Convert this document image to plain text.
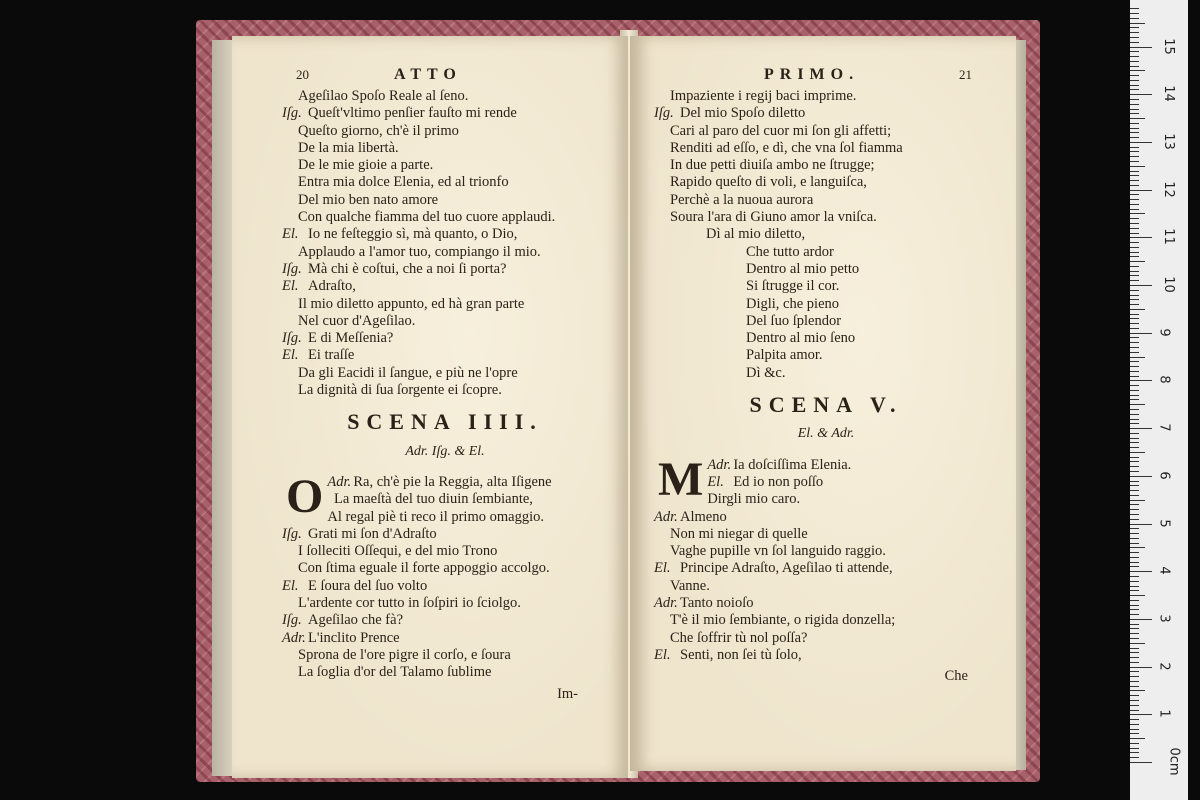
20	ATTO
Ageſilao Spoſo Reale al ſeno.
Iſg. Queſt'vltimo penſier fauſto mi rende
Queſto giorno, ch'è il primo
De la mia libertà.
De le mie gioie a parte.
Entra mia dolce Elenia, ed al trionfo
Del mio ben nato amore
Con qualche fiamma del tuo cuore applaudi.
El. Io ne feſteggio sì, mà quanto, o Dio,
Applaudo a l'amor tuo, compiango il mio.
Iſg. Mà chi è coſtui, che a noi ſi porta?
El. Adraſto,
Il mio diletto appunto, ed hà gran parte
Nel cuor d'Ageſilao.
Iſg. E di Meſſenia?
El. Ei traſſe
Da gli Eacidi il ſangue, e più ne l'opre
La dignità di ſua ſorgente ei ſcopre.
SCENA IIII.
Adr. Iſg. & El.
Adr.
O Ra, ch'è pie la Reggia, alta Iſigene
La maeſtà del tuo diuin ſembiante,
Al regal piè ti reco il primo omaggio.
Iſg. Grati mi ſon d'Adraſto
I ſolleciti Oſſequi, e del mio Trono
Con ſtima eguale il forte appoggio accolgo.
El. E ſoura del ſuo volto
L'ardente cor tutto in ſoſpiri io ſciolgo.
Iſg. Ageſilao che fà?
Adr. L'inclito Prence
Sprona de l'ore pigre il corſo, e ſoura
La ſoglia d'or del Talamo ſublime
Im-
PRIMO.	21
Impaziente i regij baci imprime.
Iſg. Del mio Spoſo diletto
Cari al paro del cuor mi ſon gli affetti;
Renditi ad eſſo, e dì, che vna ſol fiamma
In due petti diuiſa ambo ne ſtrugge;
Rapido queſto di voli, e languiſca,
Perchè a la nuoua aurora
Soura l'ara di Giuno amor la vniſca.
Dì al mio diletto,
Che tutto ardor
Dentro al mio petto
Si ſtrugge il cor.
Digli, che pieno
Del ſuo ſplendor
Dentro al mio ſeno
Palpita amor.
Dì &c.
SCENA V.
El. & Adr.
Adr.
M Ia doſciſſima Elenia.
El. Ed io non poſſo
Dirgli mio caro.
Adr. Almeno
Non mi niegar di quelle
Vaghe pupille vn ſol languido raggio.
El. Principe Adraſto, Ageſilao ti attende,
Vanne.
Adr. Tanto noioſo
T'è il mio ſembiante, o rigida donzella;
Che ſoffrir tù nol poſſa?
El. Senti, non ſei tù ſolo,
Che
0cm
1
2
3
4
5
6
7
8
9
10
11
12
13
14
15
